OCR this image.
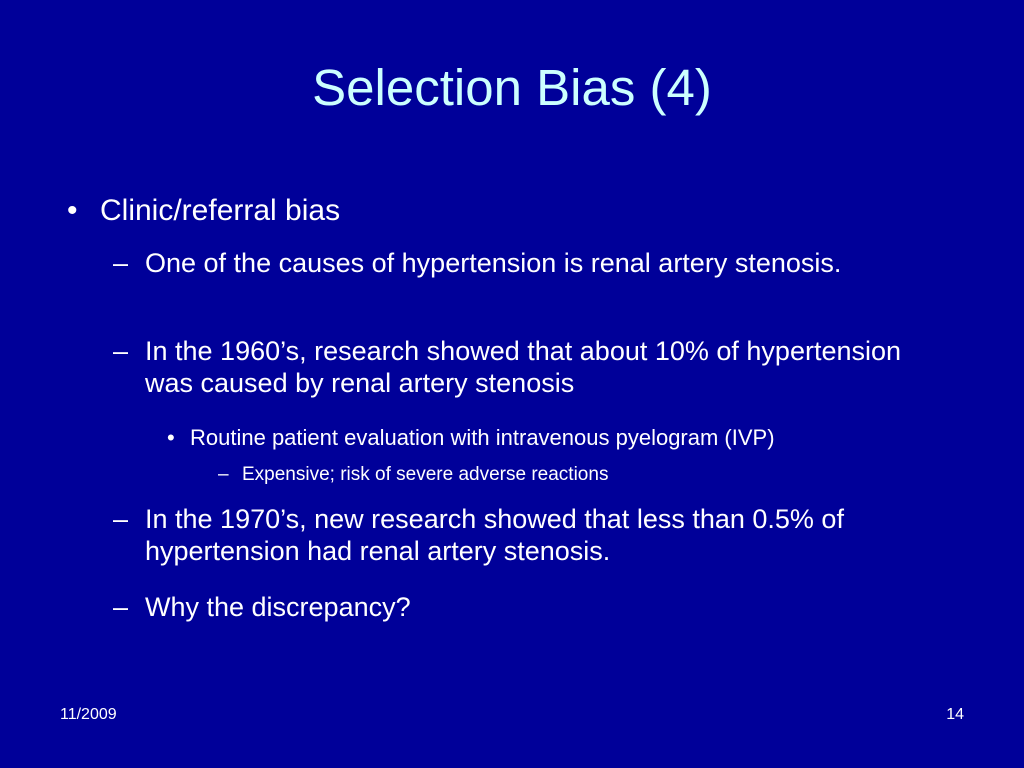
Selection Bias (4)
• Clinic/referral bias
– One of the causes of hypertension is renal artery stenosis.
– In the 1960’s, research showed that about 10% of hypertension was caused by renal artery stenosis
• Routine patient evaluation with intravenous pyelogram (IVP)
– Expensive; risk of severe adverse reactions
– In the 1970’s, new research showed that less than 0.5% of hypertension had renal artery stenosis.
– Why the discrepancy?
11/2009	14
